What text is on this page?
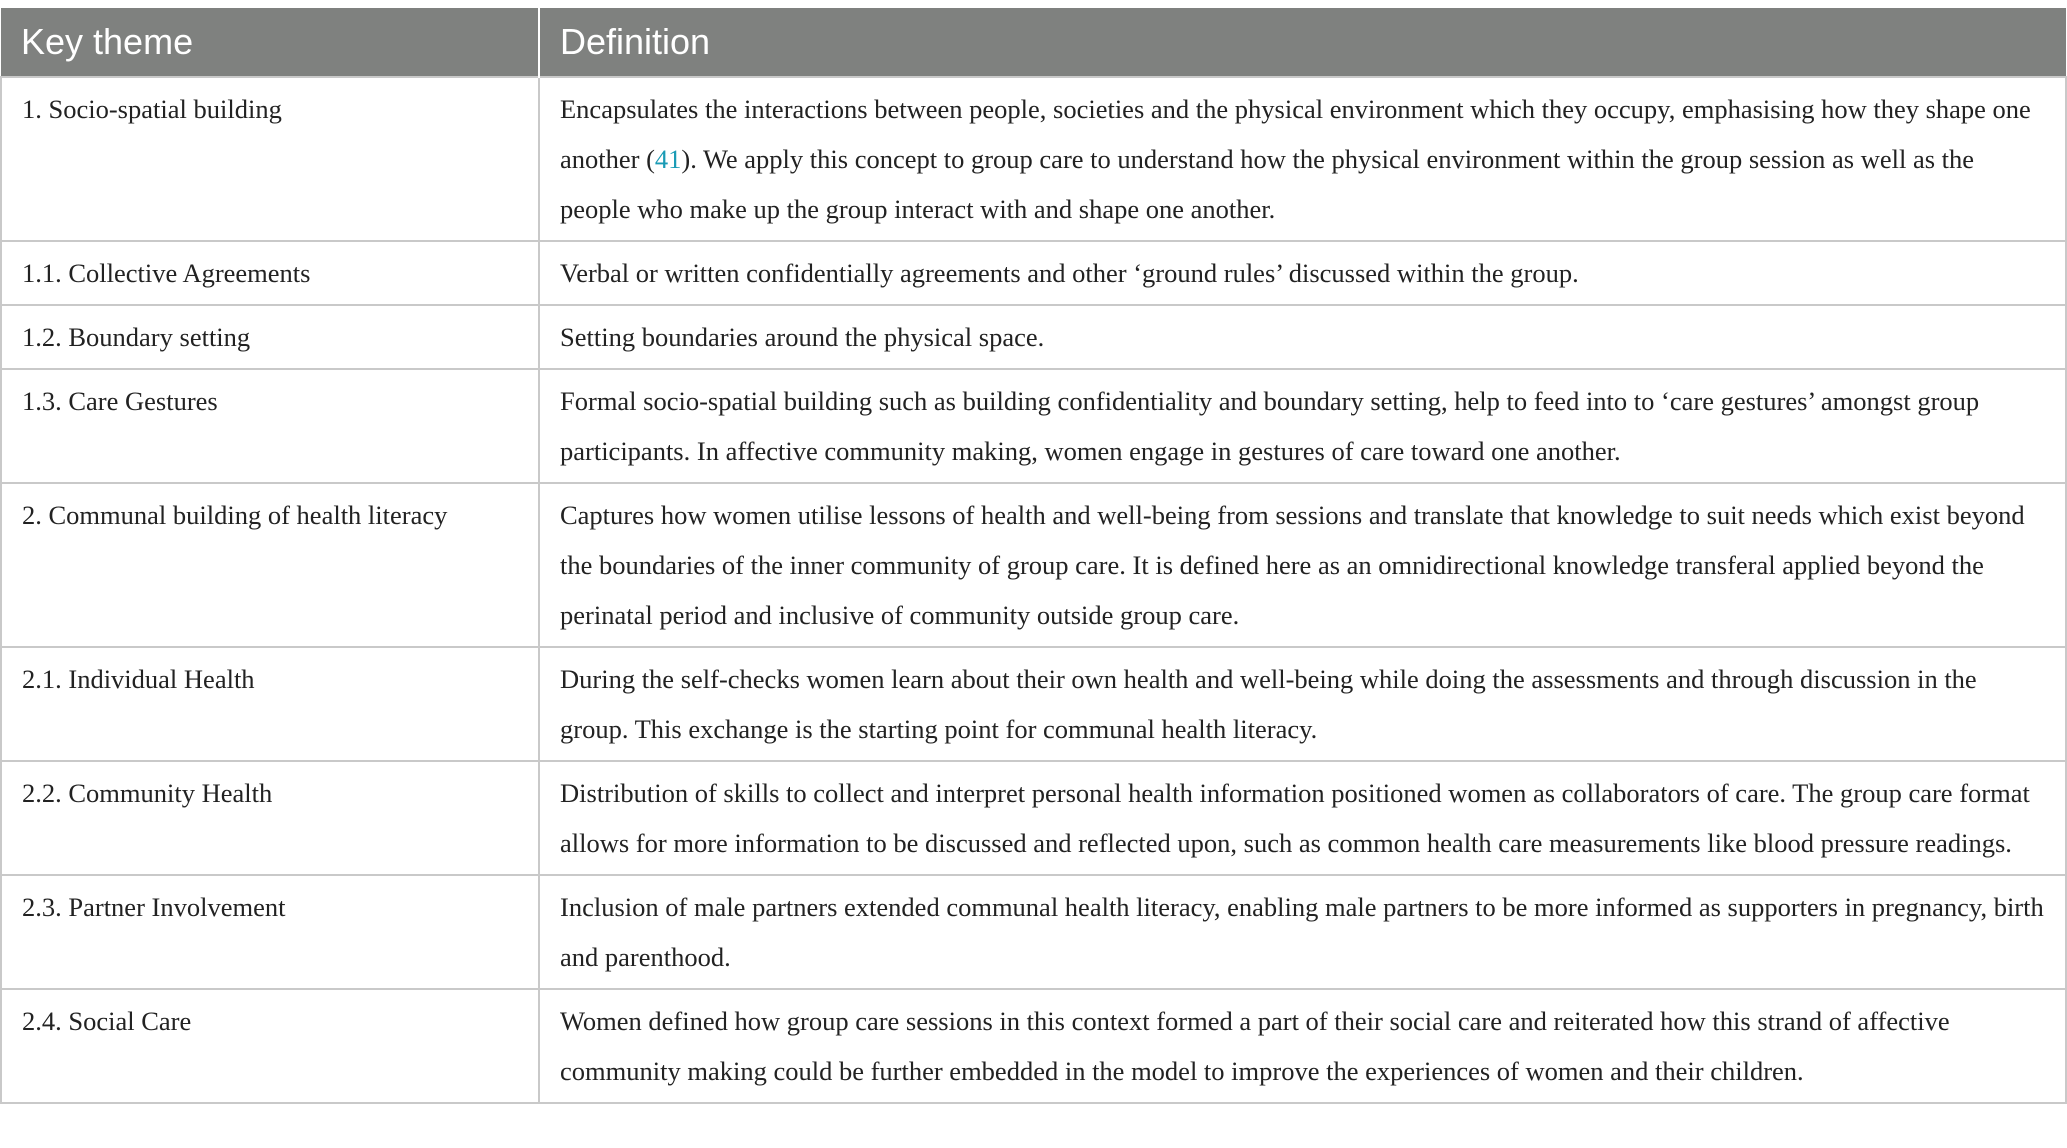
Key theme	Definition
1. Socio-spatial building	Encapsulates the interactions between people, societies and the physical environment which they occupy, emphasising how they shape one another (41). We apply this concept to group care to understand how the physical environment within the group session as well as the people who make up the group interact with and shape one another.
1.1. Collective Agreements	Verbal or written confidentially agreements and other ‘ground rules’ discussed within the group.
1.2. Boundary setting	Setting boundaries around the physical space.
1.3. Care Gestures	Formal socio-spatial building such as building confidentiality and boundary setting, help to feed into to ‘care gestures’ amongst group participants. In affective community making, women engage in gestures of care toward one another.
2. Communal building of health literacy	Captures how women utilise lessons of health and well-being from sessions and translate that knowledge to suit needs which exist beyond the boundaries of the inner community of group care. It is defined here as an omnidirectional knowledge transferal applied beyond the perinatal period and inclusive of community outside group care.
2.1. Individual Health	During the self-checks women learn about their own health and well-being while doing the assessments and through discussion in the group. This exchange is the starting point for communal health literacy.
2.2. Community Health	Distribution of skills to collect and interpret personal health information positioned women as collaborators of care. The group care format allows for more information to be discussed and reflected upon, such as common health care measurements like blood pressure readings.
2.3. Partner Involvement	Inclusion of male partners extended communal health literacy, enabling male partners to be more informed as supporters in pregnancy, birth and parenthood.
2.4. Social Care	Women defined how group care sessions in this context formed a part of their social care and reiterated how this strand of affective community making could be further embedded in the model to improve the experiences of women and their children.
